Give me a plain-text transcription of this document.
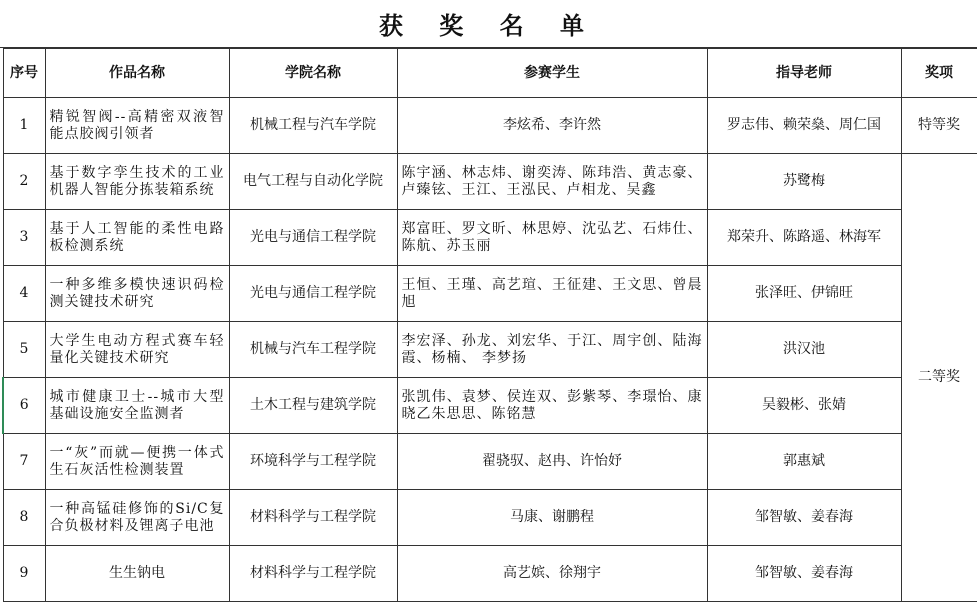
获 奖 名 单
序号	作品名称	学院名称	参赛学生	指导老师	奖项
1	精锐智阀--高精密双液智能点胶阀引领者	机械工程与汽车学院	李炫希、李许然	罗志伟、赖荣燊、周仁国	特等奖
2	基于数字孪生技术的工业机器人智能分拣装箱系统	电气工程与自动化学院	陈宇涵、林志炜、谢奕涛、陈玮浩、黄志豪、卢臻铉、王江、王泓民、卢相龙、吴鑫	苏鹭梅	二等奖
3	基于人工智能的柔性电路板检测系统	光电与通信工程学院	郑富旺、罗文昕、林思婷、沈弘艺、石炜仕、陈航、苏玉丽	郑荣升、陈路遥、林海军	
4	一种多维多模快速识码检测关键技术研究	光电与通信工程学院	王恒、王瑾、高艺瑄、王征建、王文思、曾晨旭	张泽旺、伊锦旺	
5	大学生电动方程式赛车轻量化关键技术研究	机械与汽车工程学院	李宏泽、孙龙、刘宏华、于江、周宇创、陆海霞、杨楠、 李梦扬	洪汉池	
6	城市健康卫士--城市大型基础设施安全监测者	土木工程与建筑学院	张凯伟、袁梦、侯连双、彭紫琴、李璟怡、康晓乙朱思思、陈铭慧	吴毅彬、张婧	
7	一“灰”而就—便携一体式生石灰活性检测装置	环境科学与工程学院	翟骁驭、赵冉、许怡妤	郭惠斌	
8	一种高锰硅修饰的Si/C复合负极材料及锂离子电池	材料科学与工程学院	马康、谢鹏程	邹智敏、姜春海	
9	生生钠电	材料科学与工程学院	高艺嫔、徐翔宇	邹智敏、姜春海	
